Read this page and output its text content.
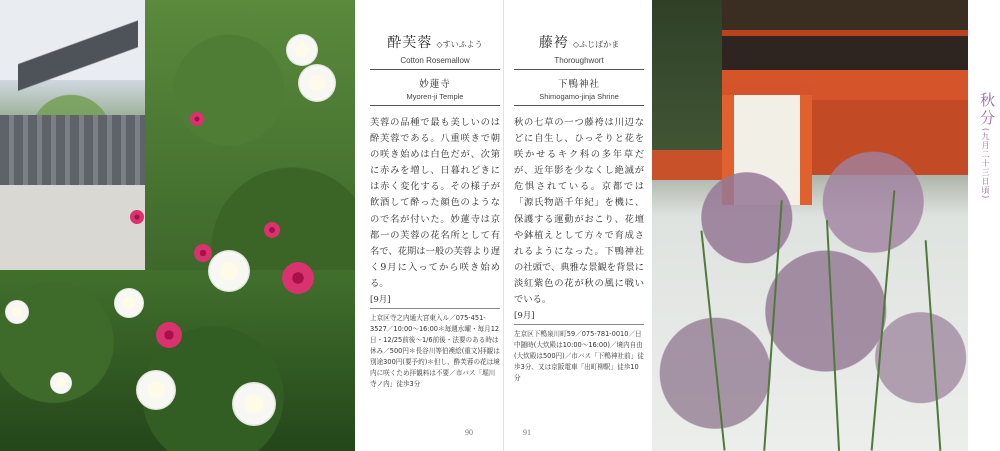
酔芙蓉 ◇すいふよう
Cotton Rosemallow
妙蓮寺
Myoren-ji Temple
芙蓉の品種で最も美しいのは酔芙蓉である。八重咲きで朝の咲き始めは白色だが、次第に赤みを増し、日暮れどきには赤く変化する。その様子が飲酒して酔った顔色のようなので名が付いた。妙蓮寺は京都一の芙蓉の花名所として有名で、花期は一般の芙蓉より遅く9月に入ってから咲き始める。
[9月]
上京区寺之内通大宮東入ル／075-451-3527／10:00〜16:00＊毎週水曜・毎月12日・12/25前後〜1/6前後・法要のある時は休み／500円＊長谷川等伯襖絵(重文)拝観は別途300円(要予約)＊但し、酔芙蓉の花は境内に咲くため拝観料は不要／市バス「堀川寺ノ内」徒歩3分
藤袴 ◇ふじばかま
Thoroughwort
下鴨神社
Shimogamo-jinja Shrine
秋の七草の一つ藤袴は川辺などに自生し、ひっそりと花を咲かせるキク科の多年草だが、近年影を少なくし絶滅が危惧されている。京都では「源氏物語千年紀」を機に、保護する運動がおこり、花壇や鉢植えとして方々で育成されるようになった。下鴨神社の社頭で、典雅な景観を背景に淡紅紫色の花が秋の風に戦いでいる。
[9月]
左京区下鴨泉川町59／075-781-0010／日中随時(大炊殿は10:00〜16:00)／境内自由(大炊殿は500円)／市バス「下鴨神社前」徒歩3分、又は京阪電車「出町柳駅」徒歩10分
90	91
秋分
(九月二十三日頃)
